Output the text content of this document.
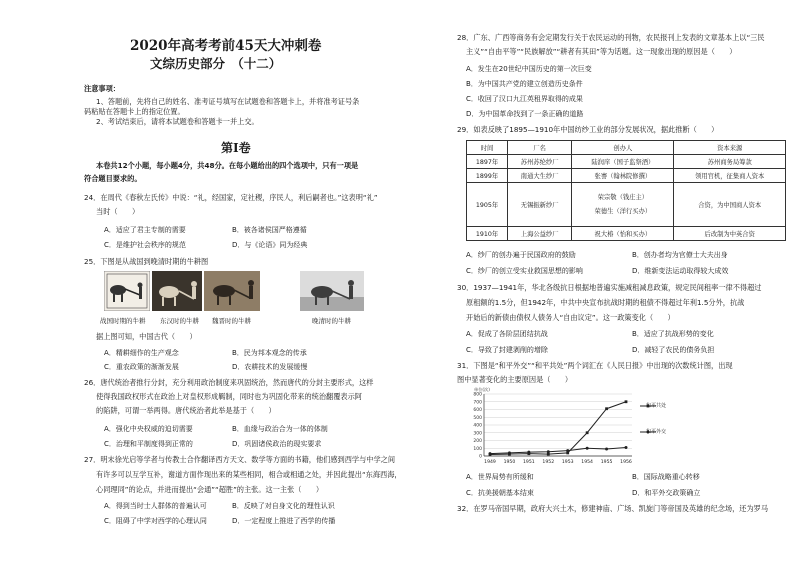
2020年高考考前45天大冲刺卷
文综历史部分　（十二）
注意事项：
1、答题前，先将自己的姓名、准考证号填写在试题卷和答题卡上，并将准考证号条
码粘贴在答题卡上的指定位置。
2、考试结束后，请将本试题卷和答题卡一并上交。
第Ⅰ卷
本卷共12个小题，每小题4分，共48分。在每小题给出的四个选项中，只有一项是
符合题目要求的。
24．在周代《春秋左氏传》中说：“礼，经国家，定社稷，序民人，利后嗣者也。”这表明“礼”
当时（　　）
A．适应了君主专制的需要	B．被各诸侯国严格遵循
C．是维护社会秩序的规范	D．与《论语》同为经典
25．下图是从战国到晚清时期的牛耕图
战国时期的牛耕 东汉时的牛耕 魏晋时的牛耕	晚清时的牛耕
据上图可知，中国古代（　　）
A．精耕细作的生产观念	B．民为邦本观念的传承
C．重农政策的渐渐发展	D．农耕技术的发展缓慢
26．唐代统治者推行分封，充分利用政治制度来巩固统治，然而唐代的分封主要形式，这样
使得我国政权形式在政治上对皇权形成羁制，同时也为巩固化带来的统治翻覆表示阿
的陷阱，可谓一举两得。唐代统治者此举是基于（　　）
A．强化中央权威的迫切需要	B．血缘与政治合为一体的体制
C．治理和平制度得到正常的	D．巩固诸侯政治的现实要求
27．明末徐光启等学者与传教士合作翻译西方天文、数学等方面的书籍，他们感到西学与中学之间
有许多可以互学互补，谢道方面作现出来的某些相同，相合或相通之处，并因此提出“东海西海，
心同理同”的论点，并进而提出“会通”“超胜”的主张。这一主张（　　）
A．得到当时士人群体的普遍认可	B．反映了对自身文化的理性认识
C．阻碍了中学对西学的心理认同	D．一定程度上推进了西学的传播
28．广东、广西等商务有会定期发行关于农民运动的刊物，农民报刊上发表的文章基本上以“三民
主义”“自由平等”“民族解放”“耕者有其田”等为话题。这一现象出现的原因是（　　）
A．发生在20世纪中国历史的第一次巨变
B．为中国共产党的建立创造历史条件
C．收回了汉口九江英租界取得的成果
D．为中国革命找到了一条正确的道路
29．如表反映了1895—1910年中国纺纱工业的部分发展状况，据此推断（　　）
时间	厂名	创办人	资本来源
1897年	苏州苏纶纱厂	陆润庠（国子监祭酒）	苏州商务局筹款
1899年	南通大生纱厂	张謇（翰林院修撰）	领用官机，征集商人资本
1905年	无锡振新纱厂	荣宗敬（钱庄主）
荣德生（洋行买办）	合资，为中国商人资本
1910年	上海公益纱厂	祝大椿（怡和买办）	后改制为中英合资
A．纱厂的创办遍于民国政府的鼓励	B．创办者均为官僚士大夫出身
C．纱厂的创立受实业救国思想的影响	D．维新变法运动取得较大成效
30．1937—1941年，华北各级抗日根据地普遍实施减租减息政策，规定民间租率一律不得超过
原租额的1.5分，但1942年，中共中央宣布抗战时期的租债不得超过年利1.5分外，抗战
开始后的新债由债权人债务人“自由议定”。这一政策变化（　　）
A．促成了各阶层团结抗战	B．适应了抗战形势的变化
C．导致了封建剥削的增除	D．减轻了农民的债务负担
31．下图是“和平外交”“和平共处”两个词汇在《人民日报》中出现的次数统计图，出现
图中显著变化的主要原因是（　　）
0
100
200
300
400
500
600
700
800
单位(次)
1949 1950 1951 1952 1953 1954 1955 1956
和平共处
和平外交
A．世界局势有所缓和	B．国际战略重心转移
C．抗美援朝基本结束	D．和平外交政策确立
32．在罗马帝国早期，政府大兴土木，修建神庙、广场、凯旋门等帝国及英雄的纪念场，还为罗马
